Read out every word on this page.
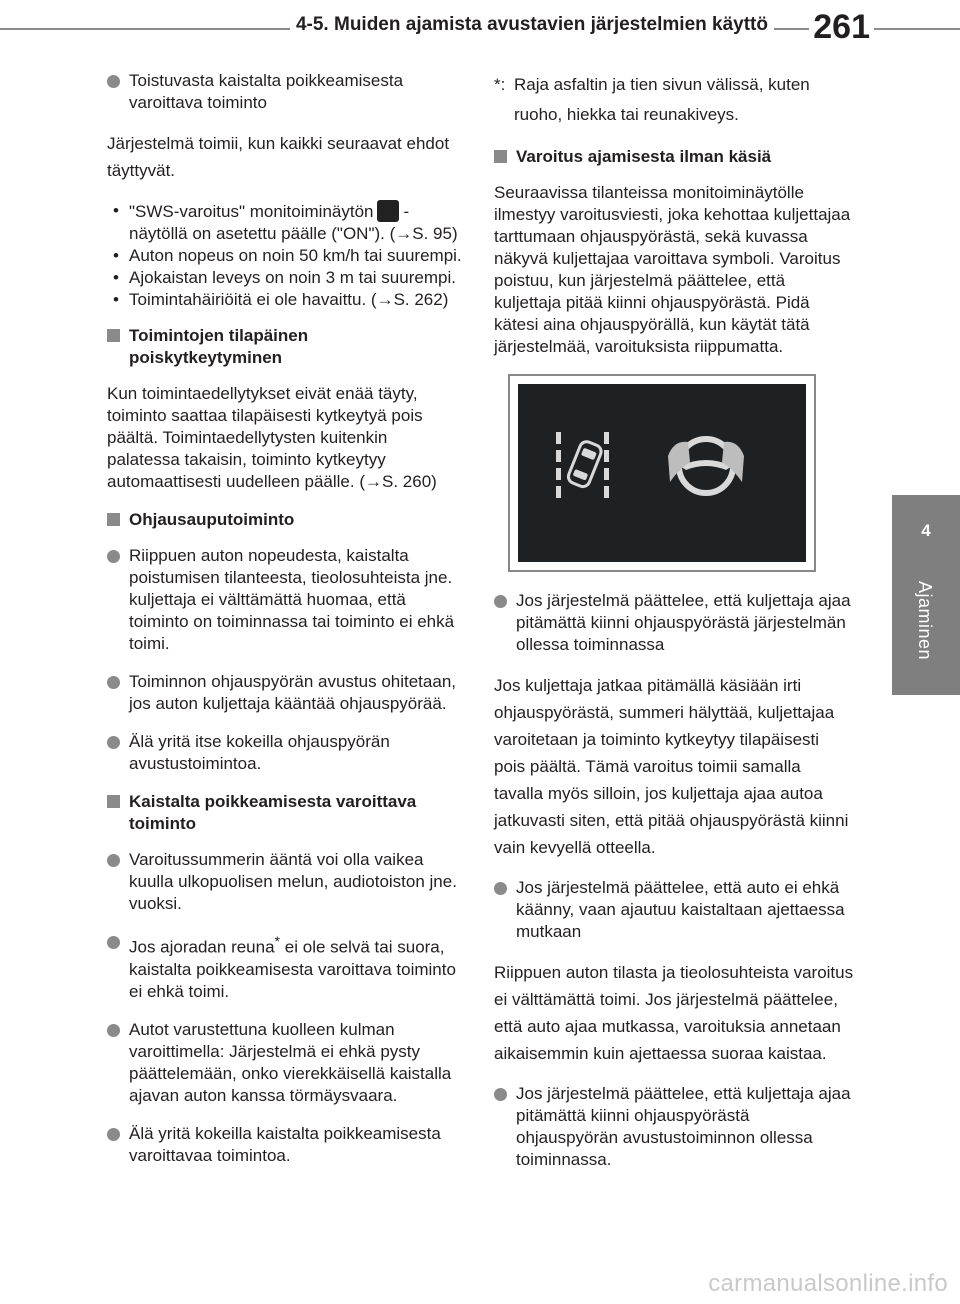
4-5. Muiden ajamista avustavien järjestelmien käyttö 261
4
Ajaminen
Toistuvasta kaistalta poikkeamisesta varoittava toiminto
Järjestelmä toimii, kun kaikki seuraavat ehdot täyttyvät.
• "SWS-varoitus" monitoiminäytön -näytöllä on asetettu päälle ("ON"). (→S. 95)
• Auton nopeus on noin 50 km/h tai suurempi.
• Ajokaistan leveys on noin 3 m tai suurempi.
• Toimintahäiriöitä ei ole havaittu. (→S. 262)
Toimintojen tilapäinen poiskytkeytyminen
Kun toimintaedellytykset eivät enää täyty, toiminto saattaa tilapäisesti kytkeytyä pois päältä. Toimintaedellytysten kuitenkin palatessa takaisin, toiminto kytkeytyy automaattisesti uudelleen päälle. (→S. 260)
Ohjausauputoiminto
Riippuen auton nopeudesta, kaistalta poistumisen tilanteesta, tieolosuhteista jne. kuljettaja ei välttämättä huomaa, että toiminto on toiminnassa tai toiminto ei ehkä toimi.
Toiminnon ohjauspyörän avustus ohitetaan, jos auton kuljettaja kääntää ohjauspyörää.
Älä yritä itse kokeilla ohjauspyörän avustustoimintoa.
Kaistalta poikkeamisesta varoittava toiminto
Varoitussummerin ääntä voi olla vaikea kuulla ulkopuolisen melun, audiotoiston jne. vuoksi.
Jos ajoradan reuna* ei ole selvä tai suora, kaistalta poikkeamisesta varoittava toiminto ei ehkä toimi.
Autot varustettuna kuolleen kulman varoittimella: Järjestelmä ei ehkä pysty päättelemään, onko vierekkäisellä kaistalla ajavan auton kanssa törmäysvaara.
Älä yritä kokeilla kaistalta poikkeamisesta varoittavaa toimintoa.
*: Raja asfaltin ja tien sivun välissä, kuten ruoho, hiekka tai reunakiveys.
Varoitus ajamisesta ilman käsiä
Seuraavissa tilanteissa monitoiminäytölle ilmestyy varoitusviesti, joka kehottaa kuljettajaa tarttumaan ohjauspyörästä, sekä kuvassa näkyvä kuljettajaa varoittava symboli. Varoitus poistuu, kun järjestelmä päättelee, että kuljettaja pitää kiinni ohjauspyörästä. Pidä kätesi aina ohjauspyörällä, kun käytät tätä järjestelmää, varoituksista riippumatta.
Jos järjestelmä päättelee, että kuljettaja ajaa pitämättä kiinni ohjauspyörästä järjestelmän ollessa toiminnassa
Jos kuljettaja jatkaa pitämällä käsiään irti ohjauspyörästä, summeri hälyttää, kuljettajaa varoitetaan ja toiminto kytkeytyy tilapäisesti pois päältä. Tämä varoitus toimii samalla tavalla myös silloin, jos kuljettaja ajaa autoa jatkuvasti siten, että pitää ohjauspyörästä kiinni vain kevyellä otteella.
Jos järjestelmä päättelee, että auto ei ehkä käänny, vaan ajautuu kaistaltaan ajettaessa mutkaan
Riippuen auton tilasta ja tieolosuhteista varoitus ei välttämättä toimi. Jos järjestelmä päättelee, että auto ajaa mutkassa, varoituksia annetaan aikaisemmin kuin ajettaessa suoraa kaistaa.
Jos järjestelmä päättelee, että kuljettaja ajaa pitämättä kiinni ohjauspyörästä ohjauspyörän avustustoiminnon ollessa toiminnassa.
carmanualsonline.info
